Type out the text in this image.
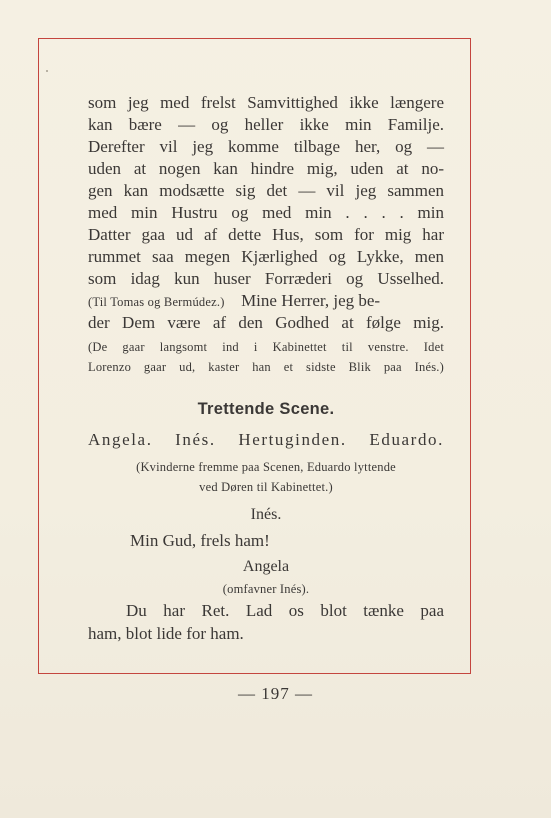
som jeg med frelst Samvittighed ikke længere
kan bære — og heller ikke min Familje.
Derefter vil jeg komme tilbage her, og —
uden at nogen kan hindre mig, uden at no-
gen kan modsætte sig det — vil jeg sammen
med min Hustru og med min . . . . min
Datter gaa ud af dette Hus, som for mig har
rummet saa megen Kjærlighed og Lykke, men
som idag kun huser Forræderi og Usselhed.
(Til Tomas og Bermúdez.) Mine Herrer, jeg be-
der Dem være af den Godhed at følge mig.
(De gaar langsomt ind i Kabinettet til venstre. Idet
Lorenzo gaar ud, kaster han et sidste Blik paa Inés.)
Trettende Scene.
Angela. Inés. Hertuginden. Eduardo.
(Kvinderne fremme paa Scenen, Eduardo lyttende
ved Døren til Kabinettet.)
Inés.
Min Gud, frels ham!
Angela
(omfavner Inés).
Du har Ret. Lad os blot tænke paa
ham, blot lide for ham.
— 197 —
